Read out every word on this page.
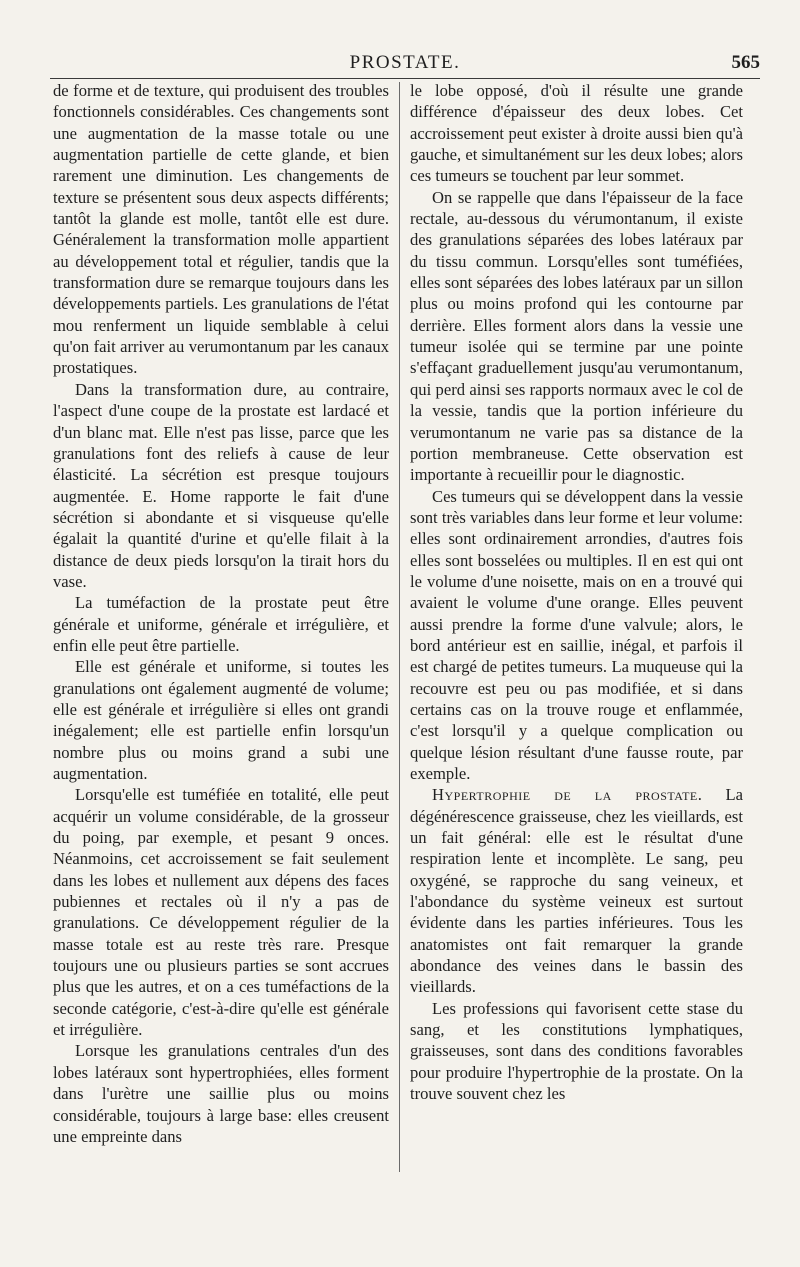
PROSTATE.	565

de forme et de texture, qui produisent des troubles fonctionnels considérables. Ces changements sont une augmentation de la masse totale ou une augmentation partielle de cette glande, et bien rarement une diminution. Les changements de texture se présentent sous deux aspects différents; tantôt la glande est molle, tantôt elle est dure. Généralement la transformation molle appartient au développement total et régulier, tandis que la transformation dure se remarque toujours dans les développements partiels. Les granulations de l'état mou renferment un liquide semblable à celui qu'on fait arriver au verumontanum par les canaux prostatiques.

Dans la transformation dure, au contraire, l'aspect d'une coupe de la prostate est lardacé et d'un blanc mat. Elle n'est pas lisse, parce que les granulations font des reliefs à cause de leur élasticité. La sécrétion est presque toujours augmentée. E. Home rapporte le fait d'une sécrétion si abondante et si visqueuse qu'elle égalait la quantité d'urine et qu'elle filait à la distance de deux pieds lorsqu'on la tirait hors du vase.

La tuméfaction de la prostate peut être générale et uniforme, générale et irrégulière, et enfin elle peut être partielle.

Elle est générale et uniforme, si toutes les granulations ont également augmenté de volume; elle est générale et irrégulière si elles ont grandi inégalement; elle est partielle enfin lorsqu'un nombre plus ou moins grand a subi une augmentation.

Lorsqu'elle est tuméfiée en totalité, elle peut acquérir un volume considérable, de la grosseur du poing, par exemple, et pesant 9 onces. Néanmoins, cet accroissement se fait seulement dans les lobes et nullement aux dépens des faces pubiennes et rectales où il n'y a pas de granulations. Ce développement régulier de la masse totale est au reste très rare. Presque toujours une ou plusieurs parties se sont accrues plus que les autres, et on a ces tuméfactions de la seconde catégorie, c'est-à-dire qu'elle est générale et irrégulière.

Lorsque les granulations centrales d'un des lobes latéraux sont hypertrophiées, elles forment dans l'urètre une saillie plus ou moins considérable, toujours à large base: elles creusent une empreinte dans

le lobe opposé, d'où il résulte une grande différence d'épaisseur des deux lobes. Cet accroissement peut exister à droite aussi bien qu'à gauche, et simultanément sur les deux lobes; alors ces tumeurs se touchent par leur sommet.

On se rappelle que dans l'épaisseur de la face rectale, au-dessous du vérumontanum, il existe des granulations séparées des lobes latéraux par du tissu commun. Lorsqu'elles sont tuméfiées, elles sont séparées des lobes latéraux par un sillon plus ou moins profond qui les contourne par derrière. Elles forment alors dans la vessie une tumeur isolée qui se termine par une pointe s'effaçant graduellement jusqu'au verumontanum, qui perd ainsi ses rapports normaux avec le col de la vessie, tandis que la portion inférieure du verumontanum ne varie pas sa distance de la portion membraneuse. Cette observation est importante à recueillir pour le diagnostic.

Ces tumeurs qui se développent dans la vessie sont très variables dans leur forme et leur volume: elles sont ordinairement arrondies, d'autres fois elles sont bosselées ou multiples. Il en est qui ont le volume d'une noisette, mais on en a trouvé qui avaient le volume d'une orange. Elles peuvent aussi prendre la forme d'une valvule; alors, le bord antérieur est en saillie, inégal, et parfois il est chargé de petites tumeurs. La muqueuse qui la recouvre est peu ou pas modifiée, et si dans certains cas on la trouve rouge et enflammée, c'est lorsqu'il y a quelque complication ou quelque lésion résultant d'une fausse route, par exemple.

Hypertrophie de la prostate. La dégénérescence graisseuse, chez les vieillards, est un fait général: elle est le résultat d'une respiration lente et incomplète. Le sang, peu oxygéné, se rapproche du sang veineux, et l'abondance du système veineux est surtout évidente dans les parties inférieures. Tous les anatomistes ont fait remarquer la grande abondance des veines dans le bassin des vieillards.

Les professions qui favorisent cette stase du sang, et les constitutions lymphatiques, graisseuses, sont dans des conditions favorables pour produire l'hypertrophie de la prostate. On la trouve souvent chez les
